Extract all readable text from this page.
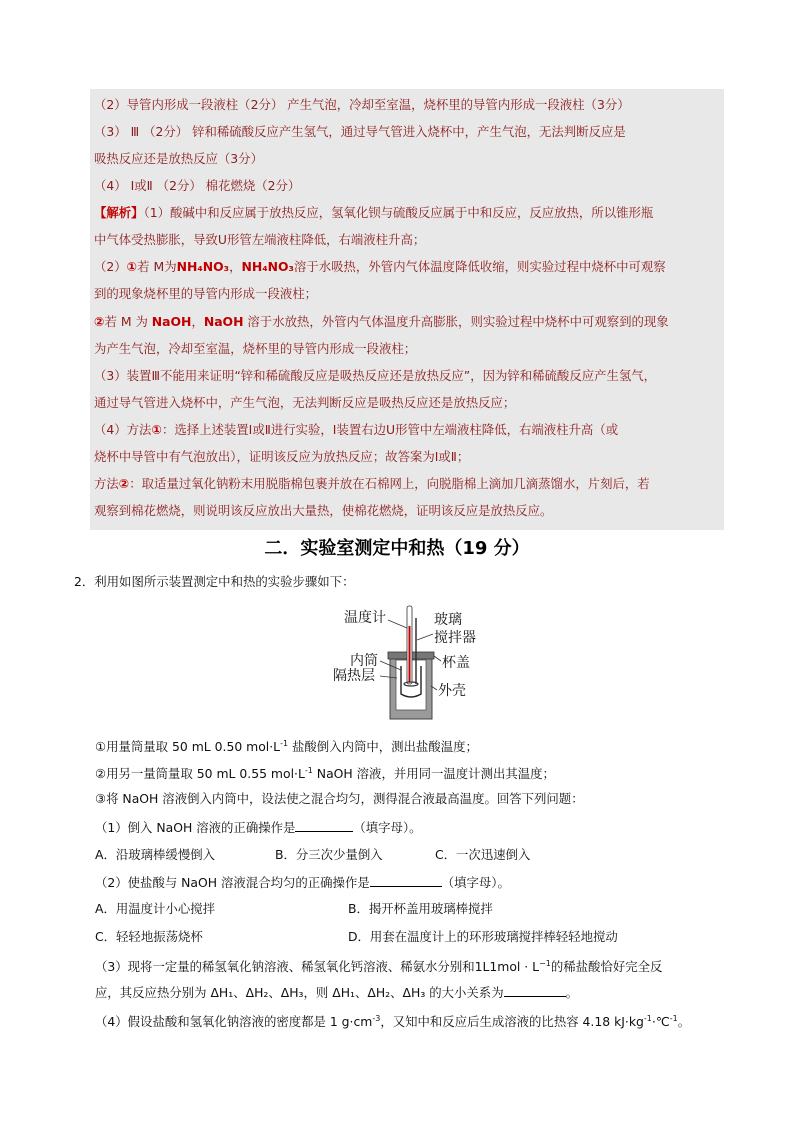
（2）导管内形成一段液柱（2分） 产生气泡，冷却至室温，烧杯里的导管内形成一段液柱（3分）
（3） Ⅲ （2分） 锌和稀硫酸反应产生氢气，通过导气管进入烧杯中，产生气泡，无法判断反应是
吸热反应还是放热反应（3分）
（4） Ⅰ或Ⅱ （2分） 棉花燃烧（2分）
【解析】（1）酸碱中和反应属于放热反应，氢氧化钡与硫酸反应属于中和反应，反应放热，所以锥形瓶
中气体受热膨胀，导致U形管左端液柱降低，右端液柱升高；
（2）①若 M为NH₄NO₃，NH₄NO₃溶于水吸热，外管内气体温度降低收缩，则实验过程中烧杯中可观察
到的现象烧杯里的导管内形成一段液柱；
②若 M 为 NaOH，NaOH 溶于水放热，外管内气体温度升高膨胀，则实验过程中烧杯中可观察到的现象
为产生气泡，冷却至室温，烧杯里的导管内形成一段液柱；
（3）装置Ⅲ不能用来证明“锌和稀硫酸反应是吸热反应还是放热反应”，因为锌和稀硫酸反应产生氢气，
通过导气管进入烧杯中，产生气泡，无法判断反应是吸热反应还是放热反应；
（4）方法①：选择上述装置Ⅰ或Ⅱ进行实验，Ⅰ装置右边U形管中左端液柱降低，右端液柱升高（或
烧杯中导管中有气泡放出），证明该反应为放热反应；故答案为Ⅰ或Ⅱ；
方法②：取适量过氧化钠粉末用脱脂棉包裹并放在石棉网上，向脱脂棉上滴加几滴蒸馏水，片刻后，若
观察到棉花燃烧，则说明该反应放出大量热，使棉花燃烧，证明该反应是放热反应。
二．实验室测定中和热（19 分）
2．利用如图所示装置测定中和热的实验步骤如下：
温度计	玻璃
搅拌器
内筒	杯盖
隔热层
外壳
①用量筒量取 50 mL 0.50 $mol\cdot L^{-1}$ 盐酸倒入内筒中，测出盐酸温度；
②用另一量筒量取 50 mL 0.55 $mol\cdot L^{-1}$ NaOH 溶液，并用同一温度计测出其温度；
③将 NaOH 溶液倒入内筒中，设法使之混合均匀，测得混合液最高温度。回答下列问题：
（1）倒入 NaOH 溶液的正确操作是	（填字母）。
A．沿玻璃棒缓慢倒入	B．分三次少量倒入	C．一次迅速倒入
（2）使盐酸与 NaOH 溶液混合均匀的正确操作是	（填字母）。
A．用温度计小心搅拌	B．揭开杯盖用玻璃棒搅拌
C．轻轻地振荡烧杯	D．用套在温度计上的环形玻璃搅拌棒轻轻地搅动
（3）现将一定量的稀氢氧化钠溶液、稀氢氧化钙溶液、稀氨水分别和$1L1mol \cdot L^{-1}$的稀盐酸恰好完全反
应，其反应热分别为 ΔH₁、ΔH₂、ΔH₃，则 ΔH₁、ΔH₂、ΔH₃ 的大小关系为	。
（4）假设盐酸和氢氧化钠溶液的密度都是 1 $g\cdot cm^{-3}$，又知中和反应后生成溶液的比热容 4.18 $kJ\cdot kg^{-1}\cdot℃^{-1}$。
